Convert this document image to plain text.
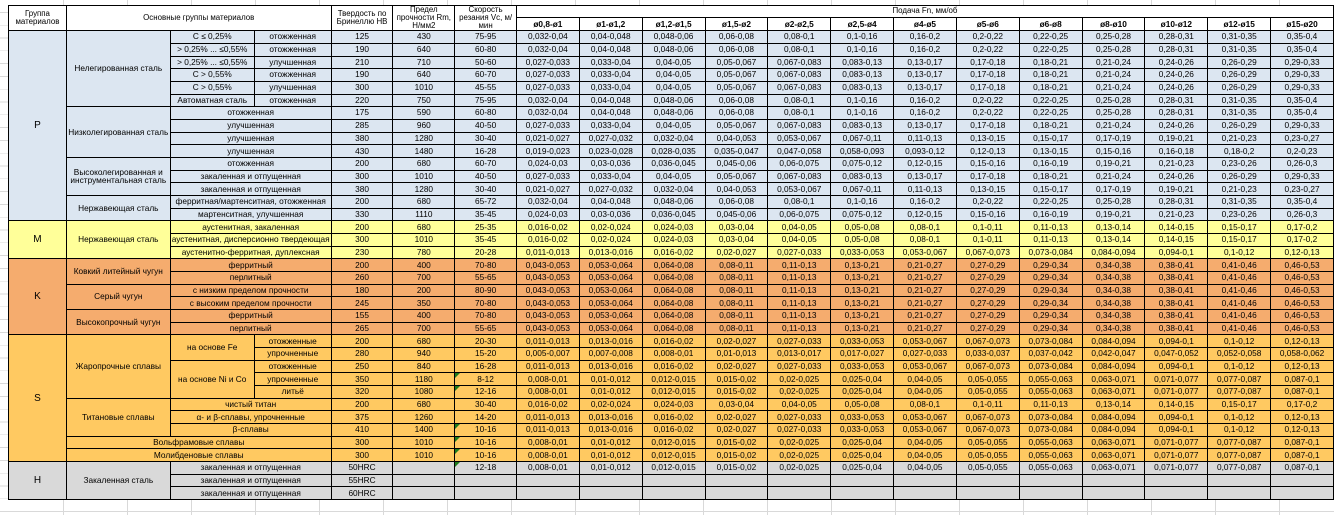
Группа материалов	Основные группы материалов			Твердость по Бринеллю HB	Предел прочности Rm, Н/мм2	Скорость резания Vc, м/мин	Подача Fn, мм/об												
							ø0,8-ø1	ø1-ø1,2	ø1,2-ø1,5	ø1,5-ø2	ø2-ø2,5	ø2,5-ø4	ø4-ø5	ø5-ø6	ø6-ø8	ø8-ø10	ø10-ø12	ø12-ø15	ø15-ø20
P	Нелегированная сталь	C ≤ 0,25%	отожженная	125	430	75-95	0,032-0,04	0,04-0,048	0,048-0,06	0,06-0,08	0,08-0,1	0,1-0,16	0,16-0,2	0,2-0,22	0,22-0,25	0,25-0,28	0,28-0,31	0,31-0,35	0,35-0,4
		> 0,25% ... ≤0,55%	отожженная	190	640	60-80	0,032-0,04	0,04-0,048	0,048-0,06	0,06-0,08	0,08-0,1	0,1-0,16	0,16-0,2	0,2-0,22	0,22-0,25	0,25-0,28	0,28-0,31	0,31-0,35	0,35-0,4
		> 0,25% ... ≤0,55%	улучшенная	210	710	50-60	0,027-0,033	0,033-0,04	0,04-0,05	0,05-0,067	0,067-0,083	0,083-0,13	0,13-0,17	0,17-0,18	0,18-0,21	0,21-0,24	0,24-0,26	0,26-0,29	0,29-0,33
		C > 0,55%	отожженная	190	640	60-70	0,027-0,033	0,033-0,04	0,04-0,05	0,05-0,067	0,067-0,083	0,083-0,13	0,13-0,17	0,17-0,18	0,18-0,21	0,21-0,24	0,24-0,26	0,26-0,29	0,29-0,33
		C > 0,55%	улучшенная	300	1010	45-55	0,027-0,033	0,033-0,04	0,04-0,05	0,05-0,067	0,067-0,083	0,083-0,13	0,13-0,17	0,17-0,18	0,18-0,21	0,21-0,24	0,24-0,26	0,26-0,29	0,29-0,33
		Автоматная сталь	отожженная	220	750	75-95	0,032-0,04	0,04-0,048	0,048-0,06	0,06-0,08	0,08-0,1	0,1-0,16	0,16-0,2	0,2-0,22	0,22-0,25	0,25-0,28	0,28-0,31	0,31-0,35	0,35-0,4
	Низколегированная сталь	отожженная		175	590	60-80	0,032-0,04	0,04-0,048	0,048-0,06	0,06-0,08	0,08-0,1	0,1-0,16	0,16-0,2	0,2-0,22	0,22-0,25	0,25-0,28	0,28-0,31	0,31-0,35	0,35-0,4
		улучшенная		285	960	40-50	0,027-0,033	0,033-0,04	0,04-0,05	0,05-0,067	0,067-0,083	0,083-0,13	0,13-0,17	0,17-0,18	0,18-0,21	0,21-0,24	0,24-0,26	0,26-0,29	0,29-0,33
		улучшенная		380	1280	30-40	0,021-0,027	0,027-0,032	0,032-0,04	0,04-0,053	0,053-0,067	0,067-0,11	0,11-0,13	0,13-0,15	0,15-0,17	0,17-0,19	0,19-0,21	0,21-0,23	0,23-0,27
		улучшенная		430	1480	16-28	0,019-0,023	0,023-0,028	0,028-0,035	0,035-0,047	0,047-0,058	0,058-0,093	0,093-0,12	0,12-0,13	0,13-0,15	0,15-0,16	0,16-0,18	0,18-0,2	0,2-0,23
	Высоколегированная и инструментальная сталь	отожженная		200	680	60-70	0,024-0,03	0,03-0,036	0,036-0,045	0,045-0,06	0,06-0,075	0,075-0,12	0,12-0,15	0,15-0,16	0,16-0,19	0,19-0,21	0,21-0,23	0,23-0,26	0,26-0,3
		закаленная и отпущенная		300	1010	40-50	0,027-0,033	0,033-0,04	0,04-0,05	0,05-0,067	0,067-0,083	0,083-0,13	0,13-0,17	0,17-0,18	0,18-0,21	0,21-0,24	0,24-0,26	0,26-0,29	0,29-0,33
		закаленная и отпущенная		380	1280	30-40	0,021-0,027	0,027-0,032	0,032-0,04	0,04-0,053	0,053-0,067	0,067-0,11	0,11-0,13	0,13-0,15	0,15-0,17	0,17-0,19	0,19-0,21	0,21-0,23	0,23-0,27
	Нержавеющая сталь	ферритная/мартенситная, отожженная		200	680	65-72	0,032-0,04	0,04-0,048	0,048-0,06	0,06-0,08	0,08-0,1	0,1-0,16	0,16-0,2	0,2-0,22	0,22-0,25	0,25-0,28	0,28-0,31	0,31-0,35	0,35-0,4
		мартенситная, улучшенная		330	1110	35-45	0,024-0,03	0,03-0,036	0,036-0,045	0,045-0,06	0,06-0,075	0,075-0,12	0,12-0,15	0,15-0,16	0,16-0,19	0,19-0,21	0,21-0,23	0,23-0,26	0,26-0,3
M	Нержавеющая сталь	аустенитная, закаленная		200	680	25-35	0,016-0,02	0,02-0,024	0,024-0,03	0,03-0,04	0,04-0,05	0,05-0,08	0,08-0,1	0,1-0,11	0,11-0,13	0,13-0,14	0,14-0,15	0,15-0,17	0,17-0,2
		аустенитная, дисперсионно твердеющая		300	1010	35-45	0,016-0,02	0,02-0,024	0,024-0,03	0,03-0,04	0,04-0,05	0,05-0,08	0,08-0,1	0,1-0,11	0,11-0,13	0,13-0,14	0,14-0,15	0,15-0,17	0,17-0,2
		аустенитно-ферритная, дуплексная		230	780	20-28	0,011-0,013	0,013-0,016	0,016-0,02	0,02-0,027	0,027-0,033	0,033-0,053	0,053-0,067	0,067-0,073	0,073-0,084	0,084-0,094	0,094-0,1	0,1-0,12	0,12-0,13
K	Ковкий литейный чугун	ферритный		200	400	70-80	0,043-0,053	0,053-0,064	0,064-0,08	0,08-0,11	0,11-0,13	0,13-0,21	0,21-0,27	0,27-0,29	0,29-0,34	0,34-0,38	0,38-0,41	0,41-0,46	0,46-0,53
		перлитный		260	700	55-65	0,043-0,053	0,053-0,064	0,064-0,08	0,08-0,11	0,11-0,13	0,13-0,21	0,21-0,27	0,27-0,29	0,29-0,34	0,34-0,38	0,38-0,41	0,41-0,46	0,46-0,53
	Серый чугун	с низким пределом прочности		180	200	80-90	0,043-0,053	0,053-0,064	0,064-0,08	0,08-0,11	0,11-0,13	0,13-0,21	0,21-0,27	0,27-0,29	0,29-0,34	0,34-0,38	0,38-0,41	0,41-0,46	0,46-0,53
		с высоким пределом прочности		245	350	70-80	0,043-0,053	0,053-0,064	0,064-0,08	0,08-0,11	0,11-0,13	0,13-0,21	0,21-0,27	0,27-0,29	0,29-0,34	0,34-0,38	0,38-0,41	0,41-0,46	0,46-0,53
	Высокопрочный чугун	ферритный		155	400	70-80	0,043-0,053	0,053-0,064	0,064-0,08	0,08-0,11	0,11-0,13	0,13-0,21	0,21-0,27	0,27-0,29	0,29-0,34	0,34-0,38	0,38-0,41	0,41-0,46	0,46-0,53
		перлитный		265	700	55-65	0,043-0,053	0,053-0,064	0,064-0,08	0,08-0,11	0,11-0,13	0,13-0,21	0,21-0,27	0,27-0,29	0,29-0,34	0,34-0,38	0,38-0,41	0,41-0,46	0,46-0,53
S	Жаропрочные сплавы	на основе Fe	отожженные	200	680	20-30	0,011-0,013	0,013-0,016	0,016-0,02	0,02-0,027	0,027-0,033	0,033-0,053	0,053-0,067	0,067-0,073	0,073-0,084	0,084-0,094	0,094-0,1	0,1-0,12	0,12-0,13
			упрочненные	280	940	15-20	0,005-0,007	0,007-0,008	0,008-0,01	0,01-0,013	0,013-0,017	0,017-0,027	0,027-0,033	0,033-0,037	0,037-0,042	0,042-0,047	0,047-0,052	0,052-0,058	0,058-0,062
		на основе Ni и Co	отожженные	250	840	16-28	0,011-0,013	0,013-0,016	0,016-0,02	0,02-0,027	0,027-0,033	0,033-0,053	0,053-0,067	0,067-0,073	0,073-0,084	0,084-0,094	0,094-0,1	0,1-0,12	0,12-0,13
			упрочненные	350	1180	8-12	0,008-0,01	0,01-0,012	0,012-0,015	0,015-0,02	0,02-0,025	0,025-0,04	0,04-0,05	0,05-0,055	0,055-0,063	0,063-0,071	0,071-0,077	0,077-0,087	0,087-0,1
			литьё	320	1080	12-16	0,008-0,01	0,01-0,012	0,012-0,015	0,015-0,02	0,02-0,025	0,025-0,04	0,04-0,05	0,05-0,055	0,055-0,063	0,063-0,071	0,071-0,077	0,077-0,087	0,087-0,1
	Титановые сплавы	чистый титан		200	680	30-40	0,016-0,02	0,02-0,024	0,024-0,03	0,03-0,04	0,04-0,05	0,05-0,08	0,08-0,1	0,1-0,11	0,11-0,13	0,13-0,14	0,14-0,15	0,15-0,17	0,17-0,2
		α- и β-сплавы, упрочненные		375	1260	14-20	0,011-0,013	0,013-0,016	0,016-0,02	0,02-0,027	0,027-0,033	0,033-0,053	0,053-0,067	0,067-0,073	0,073-0,084	0,084-0,094	0,094-0,1	0,1-0,12	0,12-0,13
		β-сплавы		410	1400	10-16	0,011-0,013	0,013-0,016	0,016-0,02	0,02-0,027	0,027-0,033	0,033-0,053	0,053-0,067	0,067-0,073	0,073-0,084	0,084-0,094	0,094-0,1	0,1-0,12	0,12-0,13
	Вольфрамовые сплавы			300	1010	10-16	0,008-0,01	0,01-0,012	0,012-0,015	0,015-0,02	0,02-0,025	0,025-0,04	0,04-0,05	0,05-0,055	0,055-0,063	0,063-0,071	0,071-0,077	0,077-0,087	0,087-0,1
	Молибденовые сплавы			300	1010	10-16	0,008-0,01	0,01-0,012	0,012-0,015	0,015-0,02	0,02-0,025	0,025-0,04	0,04-0,05	0,05-0,055	0,055-0,063	0,063-0,071	0,071-0,077	0,077-0,087	0,087-0,1
H	Закаленная сталь	закаленная и отпущенная		50HRC		12-18	0,008-0,01	0,01-0,012	0,012-0,015	0,015-0,02	0,02-0,025	0,025-0,04	0,04-0,05	0,05-0,055	0,055-0,063	0,063-0,071	0,071-0,077	0,077-0,087	0,087-0,1
		закаленная и отпущенная		55HRC															
		закаленная и отпущенная		60HRC															
